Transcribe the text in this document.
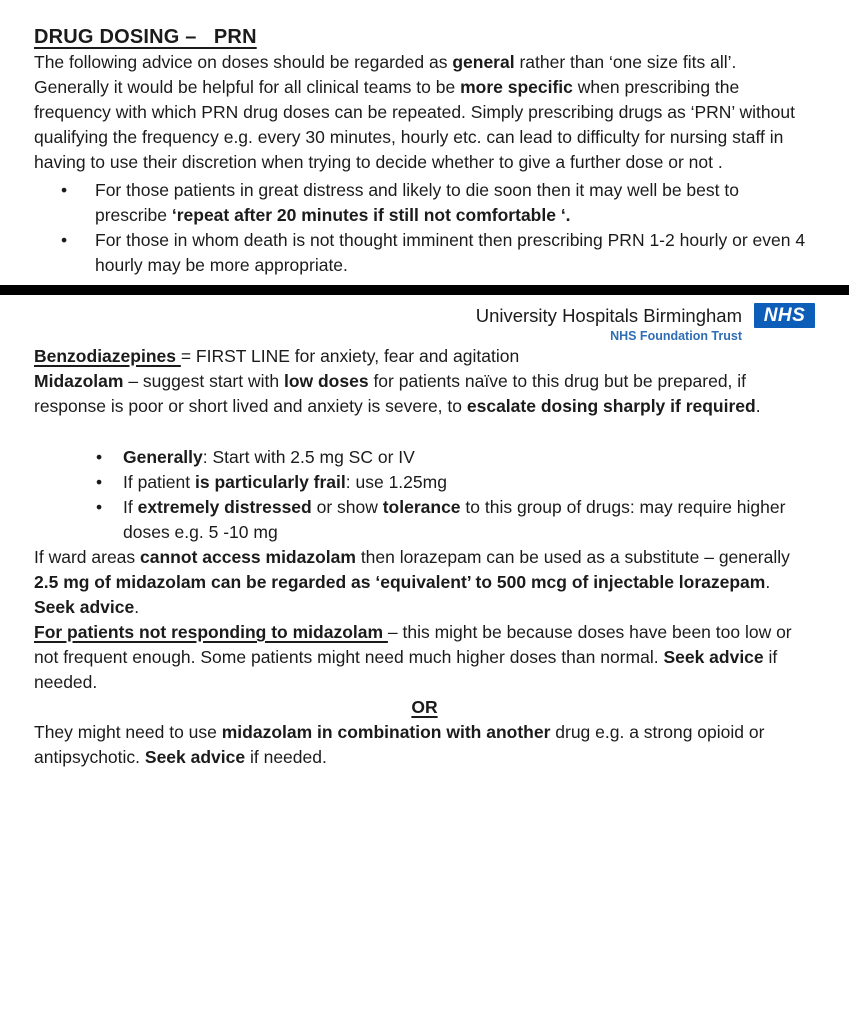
DRUG DOSING –   PRN

The following advice on doses should be regarded as general rather than ‘one size fits all’.

Generally it would be helpful for all clinical teams to be more specific when prescribing the frequency with which PRN drug doses can be repeated. Simply prescribing drugs as ‘PRN’ without qualifying the frequency e.g. every 30 minutes, hourly etc. can lead to difficulty for nursing staff in having to use their discretion when trying to decide whether to give a further dose or not .

• For those patients in great distress and likely to die soon then it may well be best to prescribe ‘repeat after 20 minutes if still not comfortable ‘.
• For those in whom death is not thought imminent then prescribing PRN 1-2 hourly or even 4 hourly may be more appropriate.
University Hospitals Birmingham
NHS Foundation Trust
NHS

Benzodiazepines = FIRST LINE for anxiety, fear and agitation

Midazolam – suggest start with low doses for patients naïve to this drug but be prepared, if response is poor or short lived and anxiety is severe, to escalate dosing sharply if required.

• Generally: Start with 2.5 mg SC or IV
• If patient is particularly frail: use 1.25mg
• If extremely distressed or show tolerance to this group of drugs: may require higher doses e.g. 5 -10 mg

If ward areas cannot access midazolam then lorazepam can be used as a substitute – generally 2.5 mg of midazolam can be regarded as ‘equivalent’ to 500 mcg of injectable lorazepam.

Seek advice.

For patients not responding to midazolam – this might be because doses have been too low or not frequent enough. Some patients might need much higher doses than normal. Seek advice if needed.

OR

They might need to use midazolam in combination with another drug e.g. a strong opioid or antipsychotic. Seek advice if needed.
